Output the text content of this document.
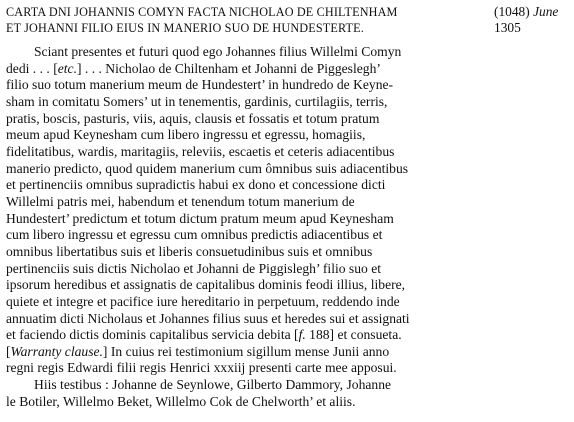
CARTA DNI JOHANNIS COMYN FACTA NICHOLAO DE CHILTENHAM
ET JOHANNI FILIO EIUS IN MANERIO SUO DE HUNDESTERTE.
(1048) June
1305
Sciant presentes et futuri quod ego Johannes filius Willelmi Comyn
dedi . . . [etc.] . . . Nicholao de Chiltenham et Johanni de Piggeslegh’
filio suo totum manerium meum de Hundestert’ in hundredo de Keyne-
sham in comitatu Somers’ ut in tenementis, gardinis, curtilagiis, terris,
pratis, boscis, pasturis, viis, aquis, clausis et fossatis et totum pratum
meum apud Keynesham cum libero ingressu et egressu, homagiis,
fidelitatibus, wardis, maritagiis, releviis, escaetis et ceteris adiacentibus
manerio predicto, quod quidem manerium cum ômnibus suis adiacentibus
et pertinenciis omnibus supradictis habui ex dono et concessione dicti
Willelmi patris mei, habendum et tenendum totum manerium de
Hundestert’ predictum et totum dictum pratum meum apud Keynesham
cum libero ingressu et egressu cum omnibus predictis adiacentibus et
omnibus libertatibus suis et liberis consuetudinibus suis et omnibus
pertinenciis suis dictis Nicholao et Johanni de Piggislegh’ filio suo et
ipsorum heredibus et assignatis de capitalibus dominis feodi illius, libere,
quiete et integre et pacifice iure hereditario in perpetuum, reddendo inde
annuatim dicti Nicholaus et Johannes filius suus et heredes sui et assignati
et faciendo dictis dominis capitalibus servicia debita [f. 188] et consueta.
[Warranty clause.] In cuius rei testimonium sigillum mense Junii anno
regni regis Edwardi filii regis Henrici xxxiij presenti carte mee apposui.
Hiis testibus : Johanne de Seynlowe, Gilberto Dammory, Johanne
le Botiler, Willelmo Beket, Willelmo Cok de Chelworth’ et aliis.
